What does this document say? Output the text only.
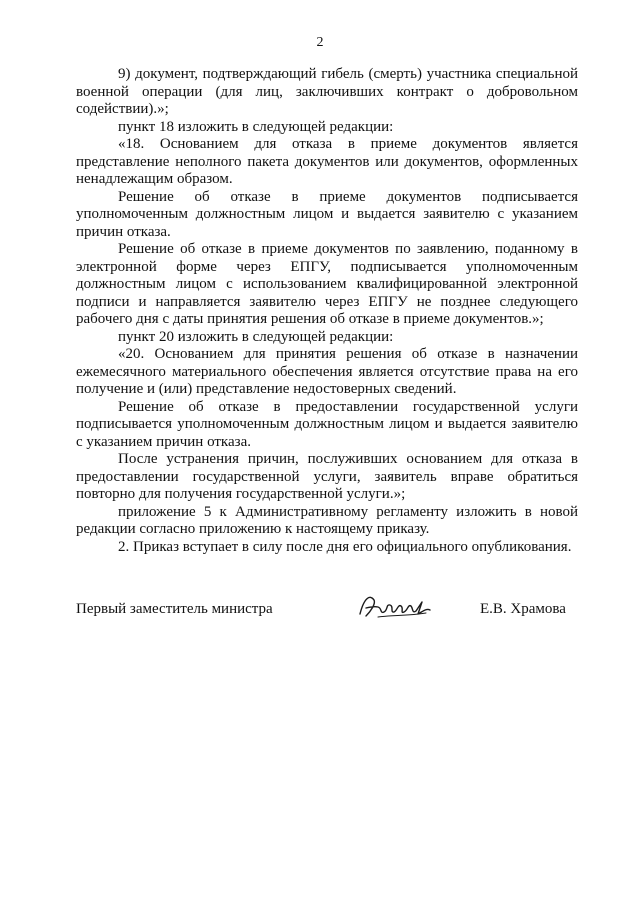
2

9) документ, подтверждающий гибель (смерть) участника специальной военной операции (для лиц, заключивших контракт о добровольном содействии).»;

пункт 18 изложить в следующей редакции:

«18. Основанием для отказа в приеме документов является представление неполного пакета документов или документов, оформленных ненадлежащим образом.

Решение об отказе в приеме документов подписывается уполномоченным должностным лицом и выдается заявителю с указанием причин отказа.

Решение об отказе в приеме документов по заявлению, поданному в электронной форме через ЕПГУ, подписывается уполномоченным должностным лицом с использованием квалифицированной электронной подписи и направляется заявителю через ЕПГУ не позднее следующего рабочего дня с даты принятия решения об отказе в приеме документов.»;

пункт 20 изложить в следующей редакции:

«20. Основанием для принятия решения об отказе в назначении ежемесячного материального обеспечения является отсутствие права на его получение и (или) представление недостоверных сведений.

Решение об отказе в предоставлении государственной услуги подписывается уполномоченным должностным лицом и выдается заявителю с указанием причин отказа.

После устранения причин, послуживших основанием для отказа в предоставлении государственной услуги, заявитель вправе обратиться повторно для получения государственной услуги.»;

приложение 5 к Административному регламенту изложить в новой редакции согласно приложению к настоящему приказу.

2. Приказ вступает в силу после дня его официального опубликования.

Первый заместитель министра	Е.В. Храмова
